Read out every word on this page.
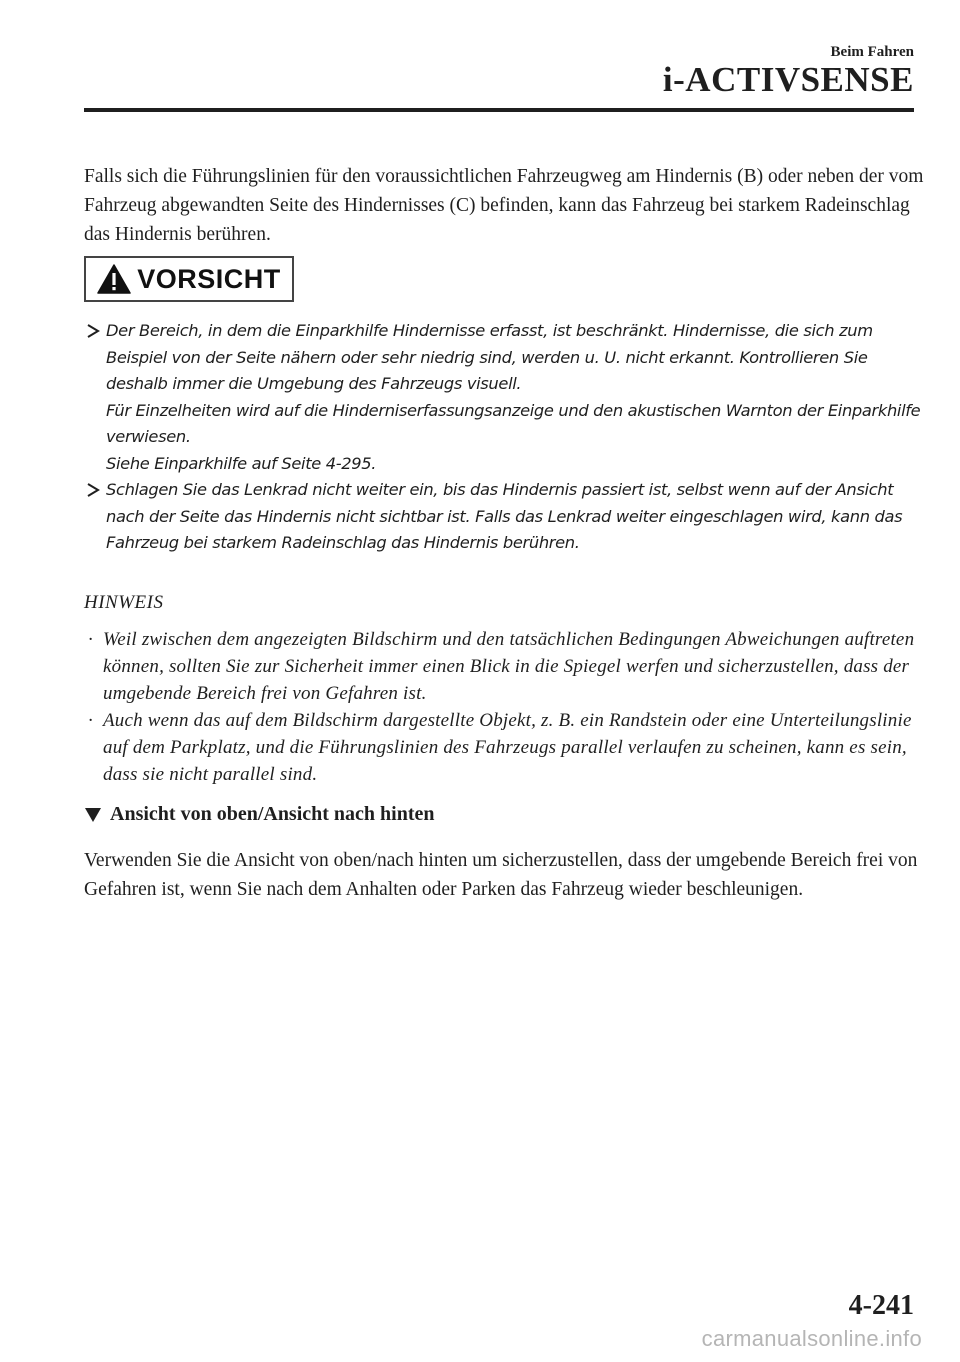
Beim Fahren
i-ACTIVSENSE

Falls sich die Führungslinien für den voraussichtlichen Fahrzeugweg am Hindernis (B) oder neben der vom Fahrzeug abgewandten Seite des Hindernisses (C) befinden, kann das Fahrzeug bei starkem Radeinschlag das Hindernis berühren.

VORSICHT

Der Bereich, in dem die Einparkhilfe Hindernisse erfasst, ist beschränkt. Hindernisse, die sich zum Beispiel von der Seite nähern oder sehr niedrig sind, werden u. U. nicht erkannt. Kontrollieren Sie deshalb immer die Umgebung des Fahrzeugs visuell.

Für Einzelheiten wird auf die Hinderniserfassungsanzeige und den akustischen Warnton der Einparkhilfe verwiesen.

Siehe Einparkhilfe auf Seite 4-295.

Schlagen Sie das Lenkrad nicht weiter ein, bis das Hindernis passiert ist, selbst wenn auf der Ansicht nach der Seite das Hindernis nicht sichtbar ist. Falls das Lenkrad weiter eingeschlagen wird, kann das Fahrzeug bei starkem Radeinschlag das Hindernis berühren.

HINWEIS

· Weil zwischen dem angezeigten Bildschirm und den tatsächlichen Bedingungen Abweichungen auftreten können, sollten Sie zur Sicherheit immer einen Blick in die Spiegel werfen und sicherzustellen, dass der umgebende Bereich frei von Gefahren ist.
· Auch wenn das auf dem Bildschirm dargestellte Objekt, z. B. ein Randstein oder eine Unterteilungslinie auf dem Parkplatz, und die Führungslinien des Fahrzeugs parallel verlaufen zu scheinen, kann es sein, dass sie nicht parallel sind.
Ansicht von oben/Ansicht nach hinten

Verwenden Sie die Ansicht von oben/nach hinten um sicherzustellen, dass der umgebende Bereich frei von Gefahren ist, wenn Sie nach dem Anhalten oder Parken das Fahrzeug wieder beschleunigen.

4-241
carmanualsonline.info
